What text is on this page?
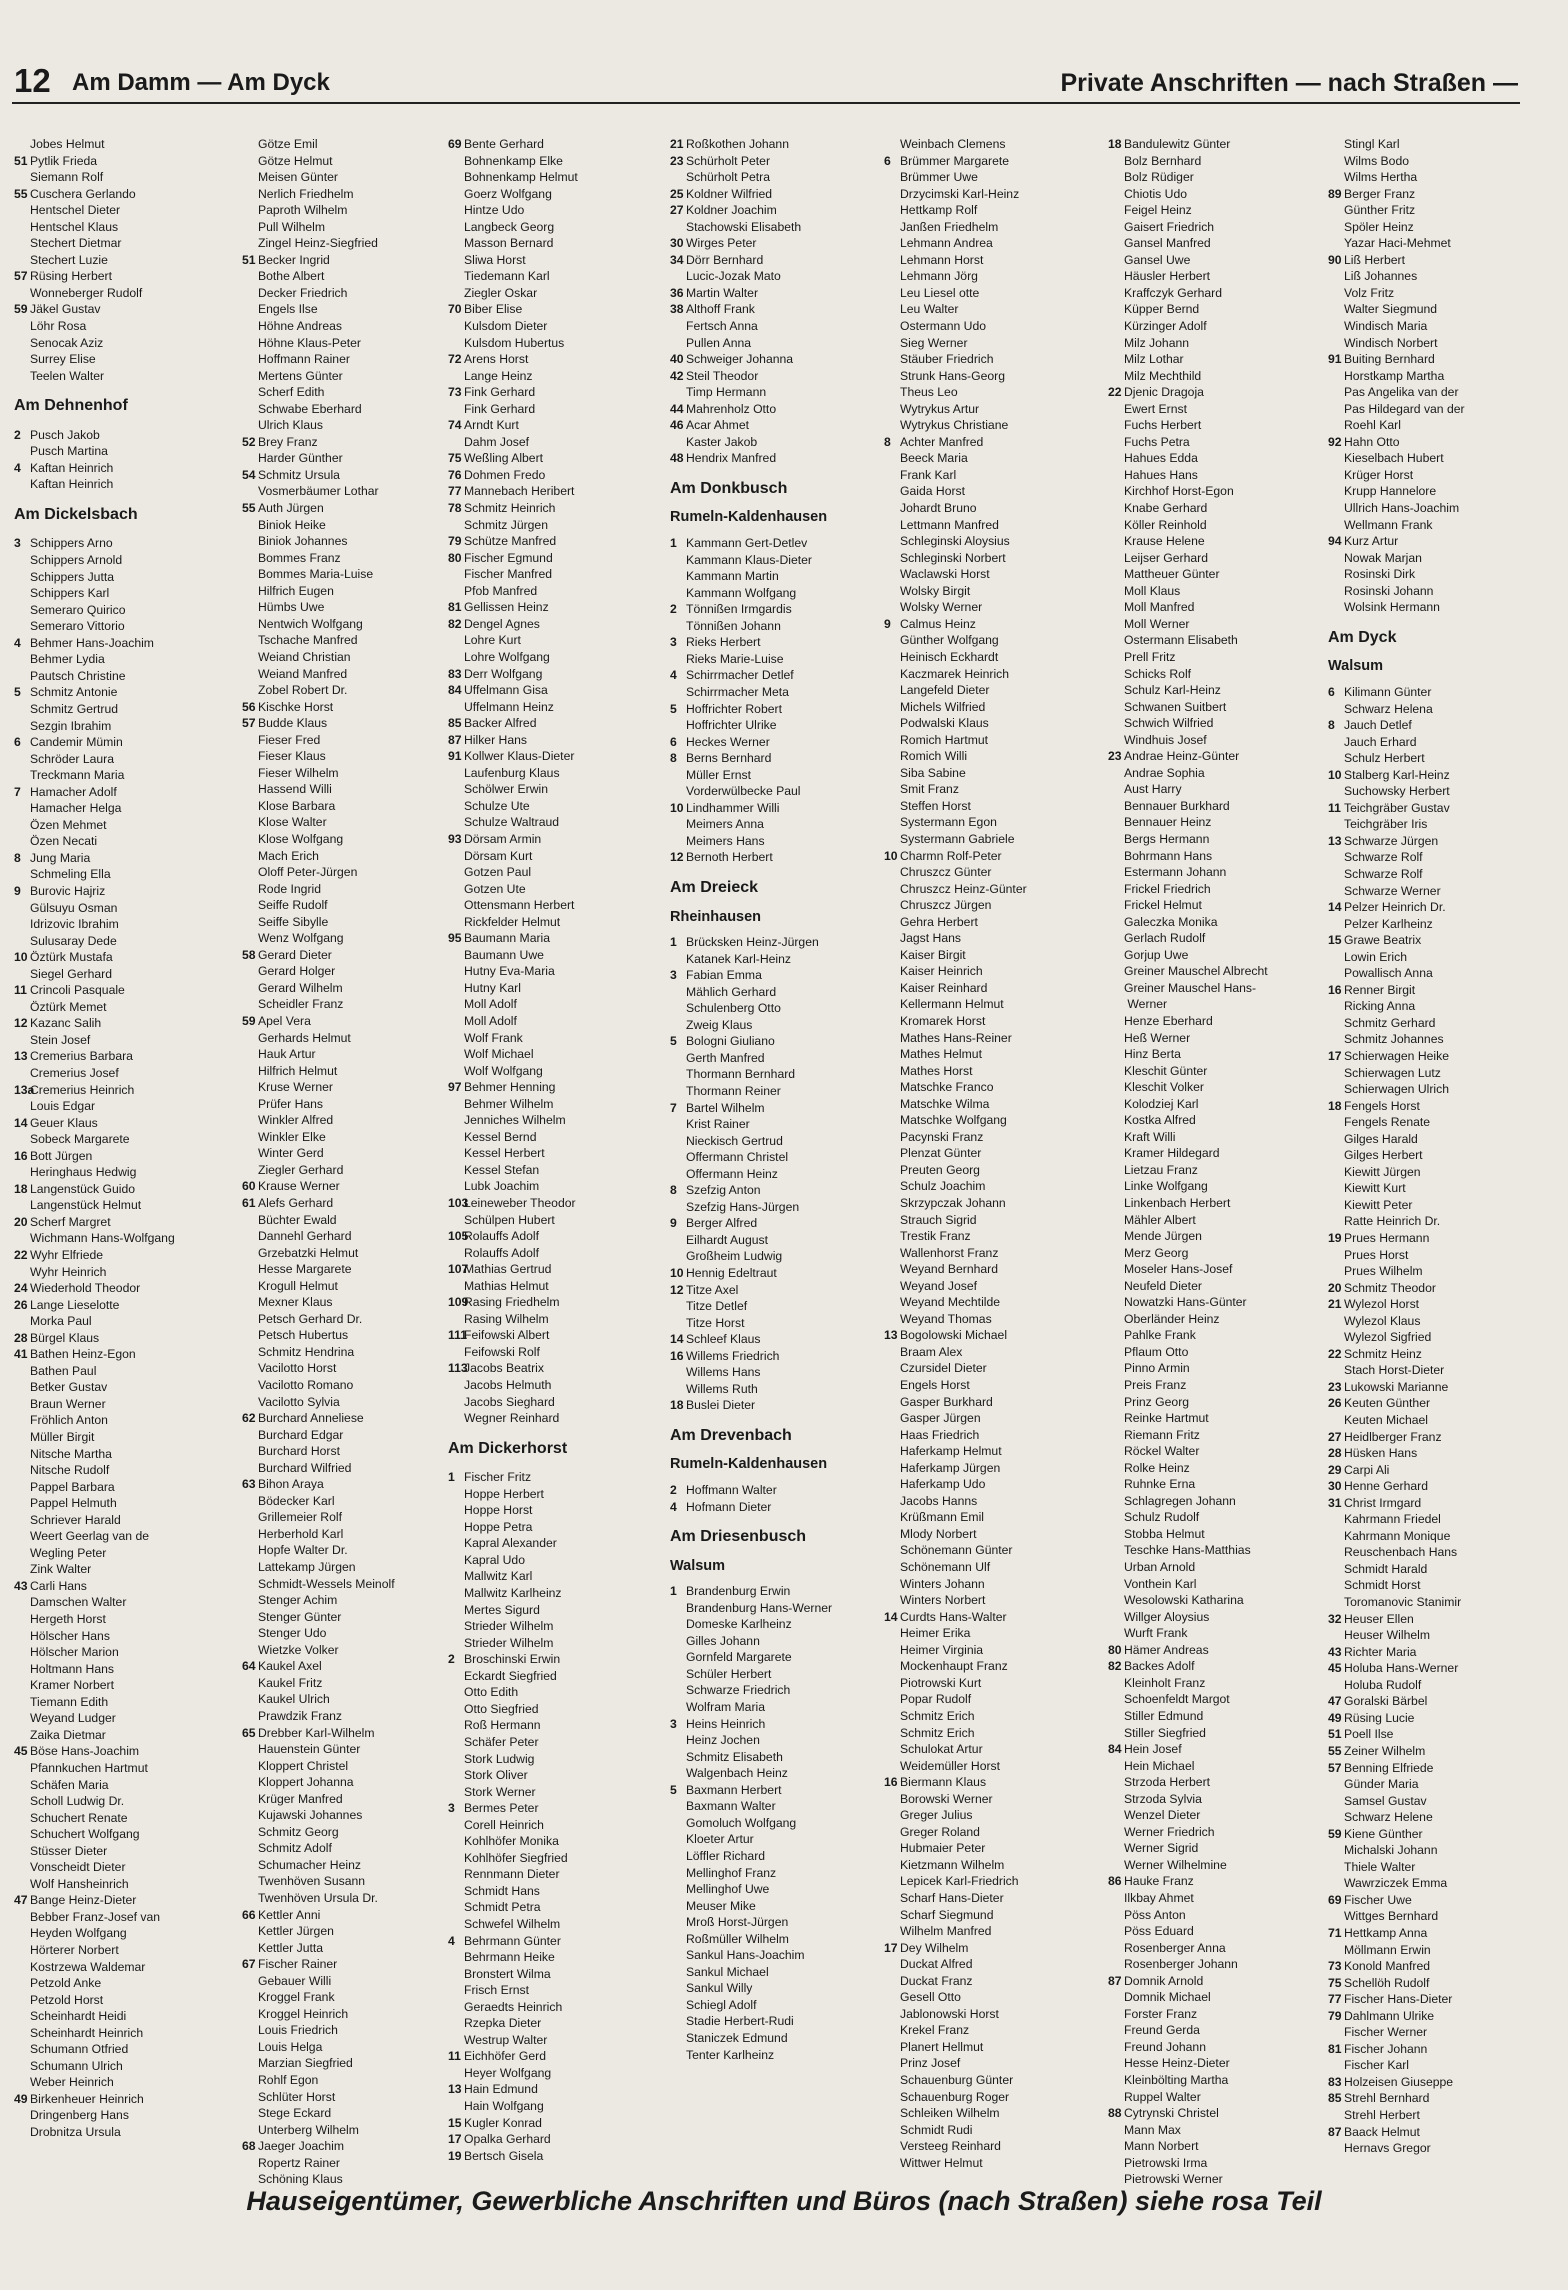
12 Am Damm — Am Dyck	Private Anschriften — nach Straßen —
Jobes Helmut
51 Pytlik Frieda
Siemann Rolf
55 Cuschera Gerlando
Hentschel Dieter
Hentschel Klaus
Stechert Dietmar
Stechert Luzie
57 Rüsing Herbert
Wonneberger Rudolf
59 Jäkel Gustav
Löhr Rosa
Senocak Aziz
Surrey Elise
Teelen Walter
Am Dehnenhof
2 Pusch Jakob
Pusch Martina
4 Kaftan Heinrich
Kaftan Heinrich
Am Dickelsbach
3 Schippers Arno
Schippers Arnold
Schippers Jutta
Schippers Karl
Semeraro Quirico
Semeraro Vittorio
4 Behmer Hans-Joachim
Behmer Lydia
Pautsch Christine
5 Schmitz Antonie
Schmitz Gertrud
Sezgin Ibrahim
6 Candemir Mümin
Schröder Laura
Treckmann Maria
7 Hamacher Adolf
Hamacher Helga
Özen Mehmet
Özen Necati
8 Jung Maria
Schmeling Ella
9 Burovic Hajriz
Gülsuyu Osman
Idrizovic Ibrahim
Sulusaray Dede
10 Öztürk Mustafa
Siegel Gerhard
11 Crincoli Pasquale
Öztürk Memet
12 Kazanc Salih
Stein Josef
13 Cremerius Barbara
Cremerius Josef
13aCremerius Heinrich
Louis Edgar
14 Geuer Klaus
Sobeck Margarete
16 Bott Jürgen
Heringhaus Hedwig
18 Langenstück Guido
Langenstück Helmut
20 Scherf Margret
Wichmann Hans-Wolfgang
22 Wyhr Elfriede
Wyhr Heinrich
24 Wiederhold Theodor
26 Lange Lieselotte
Morka Paul
28 Bürgel Klaus
41 Bathen Heinz-Egon
Bathen Paul
Betker Gustav
Braun Werner
Fröhlich Anton
Müller Birgit
Nitsche Martha
Nitsche Rudolf
Pappel Barbara
Pappel Helmuth
Schriever Harald
Weert Geerlag van de
Wegling Peter
Zink Walter
43 Carli Hans
Damschen Walter
Hergeth Horst
Hölscher Hans
Hölscher Marion
Holtmann Hans
Kramer Norbert
Tiemann Edith
Weyand Ludger
Zaika Dietmar
45 Böse Hans-Joachim
Pfannkuchen Hartmut
Schäfen Maria
Scholl Ludwig Dr.
Schuchert Renate
Schuchert Wolfgang
Stüsser Dieter
Vonscheidt Dieter
Wolf Hansheinrich
47 Bange Heinz-Dieter
Bebber Franz-Josef van
Heyden Wolfgang
Hörterer Norbert
Kostrzewa Waldemar
Petzold Anke
Petzold Horst
Scheinhardt Heidi
Scheinhardt Heinrich
Schumann Otfried
Schumann Ulrich
Weber Heinrich
49 Birkenheuer Heinrich
Dringenberg Hans
Drobnitza Ursula
Götze Emil
Götze Helmut
Meisen Günter
Nerlich Friedhelm
Paproth Wilhelm
Pull Wilhelm
Zingel Heinz-Siegfried
51 Becker Ingrid
Bothe Albert
Decker Friedrich
Engels Ilse
Höhne Andreas
Höhne Klaus-Peter
Hoffmann Rainer
Mertens Günter
Scherf Edith
Schwabe Eberhard
Ulrich Klaus
52 Brey Franz
Harder Günther
54 Schmitz Ursula
Vosmerbäumer Lothar
55 Auth Jürgen
Biniok Heike
Biniok Johannes
Bommes Franz
Bommes Maria-Luise
Hilfrich Eugen
Hümbs Uwe
Nentwich Wolfgang
Tschache Manfred
Weiand Christian
Weiand Manfred
Zobel Robert Dr.
56 Kischke Horst
57 Budde Klaus
Fieser Fred
Fieser Klaus
Fieser Wilhelm
Hassend Willi
Klose Barbara
Klose Walter
Klose Wolfgang
Mach Erich
Oloff Peter-Jürgen
Rode Ingrid
Seiffe Rudolf
Seiffe Sibylle
Wenz Wolfgang
58 Gerard Dieter
Gerard Holger
Gerard Wilhelm
Scheidler Franz
59 Apel Vera
Gerhards Helmut
Hauk Artur
Hilfrich Helmut
Kruse Werner
Prüfer Hans
Winkler Alfred
Winkler Elke
Winter Gerd
Ziegler Gerhard
60 Krause Werner
61 Alefs Gerhard
Büchter Ewald
Dannehl Gerhard
Grzebatzki Helmut
Hesse Margarete
Krogull Helmut
Mexner Klaus
Petsch Gerhard Dr.
Petsch Hubertus
Schmitz Hendrina
Vacilotto Horst
Vacilotto Romano
Vacilotto Sylvia
62 Burchard Anneliese
Burchard Edgar
Burchard Horst
Burchard Wilfried
63 Bihon Araya
Bödecker Karl
Grillemeier Rolf
Herberhold Karl
Hopfe Walter Dr.
Lattekamp Jürgen
Schmidt-Wessels Meinolf
Stenger Achim
Stenger Günter
Stenger Udo
Wietzke Volker
64 Kaukel Axel
Kaukel Fritz
Kaukel Ulrich
Prawdzik Franz
65 Drebber Karl-Wilhelm
Hauenstein Günter
Kloppert Christel
Kloppert Johanna
Krüger Manfred
Kujawski Johannes
Schmitz Georg
Schmitz Adolf
Schumacher Heinz
Twenhöven Susann
Twenhöven Ursula Dr.
66 Kettler Anni
Kettler Jürgen
Kettler Jutta
67 Fischer Rainer
Gebauer Willi
Kroggel Frank
Kroggel Heinrich
Louis Friedrich
Louis Helga
Marzian Siegfried
Rohlf Egon
Schlüter Horst
Stege Eckard
Unterberg Wilhelm
68 Jaeger Joachim
Ropertz Rainer
Schöning Klaus
69 Bente Gerhard
Bohnenkamp Elke
Bohnenkamp Helmut
Goerz Wolfgang
Hintze Udo
Langbeck Georg
Masson Bernard
Sliwa Horst
Tiedemann Karl
Ziegler Oskar
70 Biber Elise
Kulsdom Dieter
Kulsdom Hubertus
72 Arens Horst
Lange Heinz
73 Fink Gerhard
Fink Gerhard
74 Arndt Kurt
Dahm Josef
75 Weßling Albert
76 Dohmen Fredo
77 Mannebach Heribert
78 Schmitz Heinrich
Schmitz Jürgen
79 Schütze Manfred
80 Fischer Egmund
Fischer Manfred
Pfob Manfred
81 Gellissen Heinz
82 Dengel Agnes
Lohre Kurt
Lohre Wolfgang
83 Derr Wolfgang
84 Uffelmann Gisa
Uffelmann Heinz
85 Backer Alfred
87 Hilker Hans
91 Kollwer Klaus-Dieter
Laufenburg Klaus
Schölwer Erwin
Schulze Ute
Schulze Waltraud
93 Dörsam Armin
Dörsam Kurt
Gotzen Paul
Gotzen Ute
Ottensmann Herbert
Rickfelder Helmut
95 Baumann Maria
Baumann Uwe
Hutny Eva-Maria
Hutny Karl
Moll Adolf
Moll Adolf
Wolf Frank
Wolf Michael
Wolf Wolfgang
97 Behmer Henning
Behmer Wilhelm
Jenniches Wilhelm
Kessel Bernd
Kessel Herbert
Kessel Stefan
Lubk Joachim
103Leineweber Theodor
Schülpen Hubert
105Rolauffs Adolf
Rolauffs Adolf
107Mathias Gertrud
Mathias Helmut
109Rasing Friedhelm
Rasing Wilhelm
111Feifowski Albert
Feifowski Rolf
113Jacobs Beatrix
Jacobs Helmuth
Jacobs Sieghard
Wegner Reinhard
Am Dickerhorst
1 Fischer Fritz
Hoppe Herbert
Hoppe Horst
Hoppe Petra
Kapral Alexander
Kapral Udo
Mallwitz Karl
Mallwitz Karlheinz
Mertes Sigurd
Strieder Wilhelm
Strieder Wilhelm
2 Broschinski Erwin
Eckardt Siegfried
Otto Edith
Otto Siegfried
Roß Hermann
Schäfer Peter
Stork Ludwig
Stork Oliver
Stork Werner
3 Bermes Peter
Corell Heinrich
Kohlhöfer Monika
Kohlhöfer Siegfried
Rennmann Dieter
Schmidt Hans
Schmidt Petra
Schwefel Wilhelm
4 Behrmann Günter
Behrmann Heike
Bronstert Wilma
Frisch Ernst
Geraedts Heinrich
Rzepka Dieter
Westrup Walter
11 Eichhöfer Gerd
Heyer Wolfgang
13 Hain Edmund
Hain Wolfgang
15 Kugler Konrad
17 Opalka Gerhard
19 Bertsch Gisela
21 Roßkothen Johann
23 Schürholt Peter
Schürholt Petra
25 Koldner Wilfried
27 Koldner Joachim
Stachowski Elisabeth
30 Wirges Peter
34 Dörr Bernhard
Lucic-Jozak Mato
36 Martin Walter
38 Althoff Frank
Fertsch Anna
Pullen Anna
40 Schweiger Johanna
42 Steil Theodor
Timp Hermann
44 Mahrenholz Otto
46 Acar Ahmet
Kaster Jakob
48 Hendrix Manfred
Am Donkbusch
Rumeln-Kaldenhausen
1 Kammann Gert-Detlev
Kammann Klaus-Dieter
Kammann Martin
Kammann Wolfgang
2 Tönnißen Irmgardis
Tönnißen Johann
3 Rieks Herbert
Rieks Marie-Luise
4 Schirrmacher Detlef
Schirrmacher Meta
5 Hoffrichter Robert
Hoffrichter Ulrike
6 Heckes Werner
8 Berns Bernhard
Müller Ernst
Vorderwülbecke Paul
10 Lindhammer Willi
Meimers Anna
Meimers Hans
12 Bernoth Herbert
Am Dreieck
Rheinhausen
1 Brücksken Heinz-Jürgen
Katanek Karl-Heinz
3 Fabian Emma
Mählich Gerhard
Schulenberg Otto
Zweig Klaus
5 Bologni Giuliano
Gerth Manfred
Thormann Bernhard
Thormann Reiner
7 Bartel Wilhelm
Krist Rainer
Nieckisch Gertrud
Offermann Christel
Offermann Heinz
8 Szefzig Anton
Szefzig Hans-Jürgen
9 Berger Alfred
Eilhardt August
Großheim Ludwig
10 Hennig Edeltraut
12 Titze Axel
Titze Detlef
Titze Horst
14 Schleef Klaus
16 Willems Friedrich
Willems Hans
Willems Ruth
18 Buslei Dieter
Am Drevenbach
Rumeln-Kaldenhausen
2 Hoffmann Walter
4 Hofmann Dieter
Am Driesenbusch
Walsum
1 Brandenburg Erwin
Brandenburg Hans-Werner
Domeske Karlheinz
Gilles Johann
Gornfeld Margarete
Schüler Herbert
Schwarze Friedrich
Wolfram Maria
3 Heins Heinrich
Heinz Jochen
Schmitz Elisabeth
Walgenbach Heinz
5 Baxmann Herbert
Baxmann Walter
Gomoluch Wolfgang
Kloeter Artur
Löffler Richard
Mellinghof Franz
Mellinghof Uwe
Meuser Mike
Mroß Horst-Jürgen
Roßmüller Wilhelm
Sankul Hans-Joachim
Sankul Michael
Sankul Willy
Schiegl Adolf
Stadie Herbert-Rudi
Staniczek Edmund
Tenter Karlheinz
Weinbach Clemens
6 Brümmer Margarete
Brümmer Uwe
Drzycimski Karl-Heinz
Hettkamp Rolf
Janßen Friedhelm
Lehmann Andrea
Lehmann Horst
Lehmann Jörg
Leu Liesel otte
Leu Walter
Ostermann Udo
Sieg Werner
Stäuber Friedrich
Strunk Hans-Georg
Theus Leo
Wytrykus Artur
Wytrykus Christiane
8 Achter Manfred
Beeck Maria
Frank Karl
Gaida Horst
Johardt Bruno
Lettmann Manfred
Schleginski Aloysius
Schleginski Norbert
Waclawski Horst
Wolsky Birgit
Wolsky Werner
9 Calmus Heinz
Günther Wolfgang
Heinisch Eckhardt
Kaczmarek Heinrich
Langefeld Dieter
Michels Wilfried
Podwalski Klaus
Romich Hartmut
Romich Willi
Siba Sabine
Smit Franz
Steffen Horst
Systermann Egon
Systermann Gabriele
10 Charmn Rolf-Peter
Chruszcz Günter
Chruszcz Heinz-Günter
Chruszcz Jürgen
Gehra Herbert
Jagst Hans
Kaiser Birgit
Kaiser Heinrich
Kaiser Reinhard
Kellermann Helmut
Kromarek Horst
Mathes Hans-Reiner
Mathes Helmut
Mathes Horst
Matschke Franco
Matschke Wilma
Matschke Wolfgang
Pacynski Franz
Plenzat Günter
Preuten Georg
Schulz Joachim
Skrzypczak Johann
Strauch Sigrid
Trestik Franz
Wallenhorst Franz
Weyand Bernhard
Weyand Josef
Weyand Mechtilde
Weyand Thomas
13 Bogolowski Michael
Braam Alex
Czursidel Dieter
Engels Horst
Gasper Burkhard
Gasper Jürgen
Haas Friedrich
Haferkamp Helmut
Haferkamp Jürgen
Haferkamp Udo
Jacobs Hanns
Krüßmann Emil
Mlody Norbert
Schönemann Günter
Schönemann Ulf
Winters Johann
Winters Norbert
14 Curdts Hans-Walter
Heimer Erika
Heimer Virginia
Mockenhaupt Franz
Piotrowski Kurt
Popar Rudolf
Schmitz Erich
Schmitz Erich
Schulokat Artur
Weidemüller Horst
16 Biermann Klaus
Borowski Werner
Greger Julius
Greger Roland
Hubmaier Peter
Kietzmann Wilhelm
Lepicek Karl-Friedrich
Scharf Hans-Dieter
Scharf Siegmund
Wilhelm Manfred
17 Dey Wilhelm
Duckat Alfred
Duckat Franz
Gesell Otto
Jablonowski Horst
Krekel Franz
Planert Hellmut
Prinz Josef
Schauenburg Günter
Schauenburg Roger
Schleiken Wilhelm
Schmidt Rudi
Versteeg Reinhard
Wittwer Helmut
18 Bandulewitz Günter
Bolz Bernhard
Bolz Rüdiger
Chiotis Udo
Feigel Heinz
Gaisert Friedrich
Gansel Manfred
Gansel Uwe
Häusler Herbert
Kraffczyk Gerhard
Küpper Bernd
Kürzinger Adolf
Milz Johann
Milz Lothar
Milz Mechthild
22 Djenic Dragoja
Ewert Ernst
Fuchs Herbert
Fuchs Petra
Hahues Edda
Hahues Hans
Kirchhof Horst-Egon
Knabe Gerhard
Köller Reinhold
Krause Helene
Leijser Gerhard
Mattheuer Günter
Moll Klaus
Moll Manfred
Moll Werner
Ostermann Elisabeth
Prell Fritz
Schicks Rolf
Schulz Karl-Heinz
Schwanen Suitbert
Schwich Wilfried
Windhuis Josef
23 Andrae Heinz-Günter
Andrae Sophia
Aust Harry
Bennauer Burkhard
Bennauer Heinz
Bergs Hermann
Bohrmann Hans
Estermann Johann
Frickel Friedrich
Frickel Helmut
Galeczka Monika
Gerlach Rudolf
Gorjup Uwe
Greiner Mauschel Albrecht
Greiner Mauschel Hans-
Werner
Henze Eberhard
Heß Werner
Hinz Berta
Kleschit Günter
Kleschit Volker
Kolodziej Karl
Kostka Alfred
Kraft Willi
Kramer Hildegard
Lietzau Franz
Linke Wolfgang
Linkenbach Herbert
Mähler Albert
Mende Jürgen
Merz Georg
Moseler Hans-Josef
Neufeld Dieter
Nowatzki Hans-Günter
Oberländer Heinz
Pahlke Frank
Pflaum Otto
Pinno Armin
Preis Franz
Prinz Georg
Reinke Hartmut
Riemann Fritz
Röckel Walter
Rolke Heinz
Ruhnke Erna
Schlagregen Johann
Schulz Rudolf
Stobba Helmut
Teschke Hans-Matthias
Urban Arnold
Vonthein Karl
Wesolowski Katharina
Willger Aloysius
Wurft Frank
80 Hämer Andreas
82 Backes Adolf
Kleinholt Franz
Schoenfeldt Margot
Stiller Edmund
Stiller Siegfried
84 Hein Josef
Hein Michael
Strzoda Herbert
Strzoda Sylvia
Wenzel Dieter
Werner Friedrich
Werner Sigrid
Werner Wilhelmine
86 Hauke Franz
Ilkbay Ahmet
Pöss Anton
Pöss Eduard
Rosenberger Anna
Rosenberger Johann
87 Domnik Arnold
Domnik Michael
Forster Franz
Freund Gerda
Freund Johann
Hesse Heinz-Dieter
Kleinbölting Martha
Ruppel Walter
88 Cytrynski Christel
Mann Max
Mann Norbert
Pietrowski Irma
Pietrowski Werner
Stingl Karl
Wilms Bodo
Wilms Hertha
89 Berger Franz
Günther Fritz
Spöler Heinz
Yazar Haci-Mehmet
90 Liß Herbert
Liß Johannes
Volz Fritz
Walter Siegmund
Windisch Maria
Windisch Norbert
91 Buiting Bernhard
Horstkamp Martha
Pas Angelika van der
Pas Hildegard van der
Roehl Karl
92 Hahn Otto
Kieselbach Hubert
Krüger Horst
Krupp Hannelore
Ullrich Hans-Joachim
Wellmann Frank
94 Kurz Artur
Nowak Marjan
Rosinski Dirk
Rosinski Johann
Wolsink Hermann
Am Dyck
Walsum
6 Kilimann Günter
Schwarz Helena
8 Jauch Detlef
Jauch Erhard
Schulz Herbert
10 Stalberg Karl-Heinz
Suchowsky Herbert
11 Teichgräber Gustav
Teichgräber Iris
13 Schwarze Jürgen
Schwarze Rolf
Schwarze Rolf
Schwarze Werner
14 Pelzer Heinrich Dr.
Pelzer Karlheinz
15 Grawe Beatrix
Lowin Erich
Powallisch Anna
16 Renner Birgit
Ricking Anna
Schmitz Gerhard
Schmitz Johannes
17 Schierwagen Heike
Schierwagen Lutz
Schierwagen Ulrich
18 Fengels Horst
Fengels Renate
Gilges Harald
Gilges Herbert
Kiewitt Jürgen
Kiewitt Kurt
Kiewitt Peter
Ratte Heinrich Dr.
19 Prues Hermann
Prues Horst
Prues Wilhelm
20 Schmitz Theodor
21 Wylezol Horst
Wylezol Klaus
Wylezol Sigfried
22 Schmitz Heinz
Stach Horst-Dieter
23 Lukowski Marianne
26 Keuten Günther
Keuten Michael
27 Heidlberger Franz
28 Hüsken Hans
29 Carpi Ali
30 Henne Gerhard
31 Christ Irmgard
Kahrmann Friedel
Kahrmann Monique
Reuschenbach Hans
Schmidt Harald
Schmidt Horst
Toromanovic Stanimir
32 Heuser Ellen
Heuser Wilhelm
43 Richter Maria
45 Holuba Hans-Werner
Holuba Rudolf
47 Goralski Bärbel
49 Rüsing Lucie
51 Poell Ilse
55 Zeiner Wilhelm
57 Benning Elfriede
Günder Maria
Samsel Gustav
Schwarz Helene
59 Kiene Günther
Michalski Johann
Thiele Walter
Wawrziczek Emma
69 Fischer Uwe
Wittges Bernhard
71 Hettkamp Anna
Möllmann Erwin
73 Konold Manfred
75 Schellöh Rudolf
77 Fischer Hans-Dieter
79 Dahlmann Ulrike
Fischer Werner
81 Fischer Johann
Fischer Karl
83 Holzeisen Giuseppe
85 Strehl Bernhard
Strehl Herbert
87 Baack Helmut
Hernavs Gregor
Hauseigentümer, Gewerbliche Anschriften und Büros (nach Straßen) siehe rosa Teil
